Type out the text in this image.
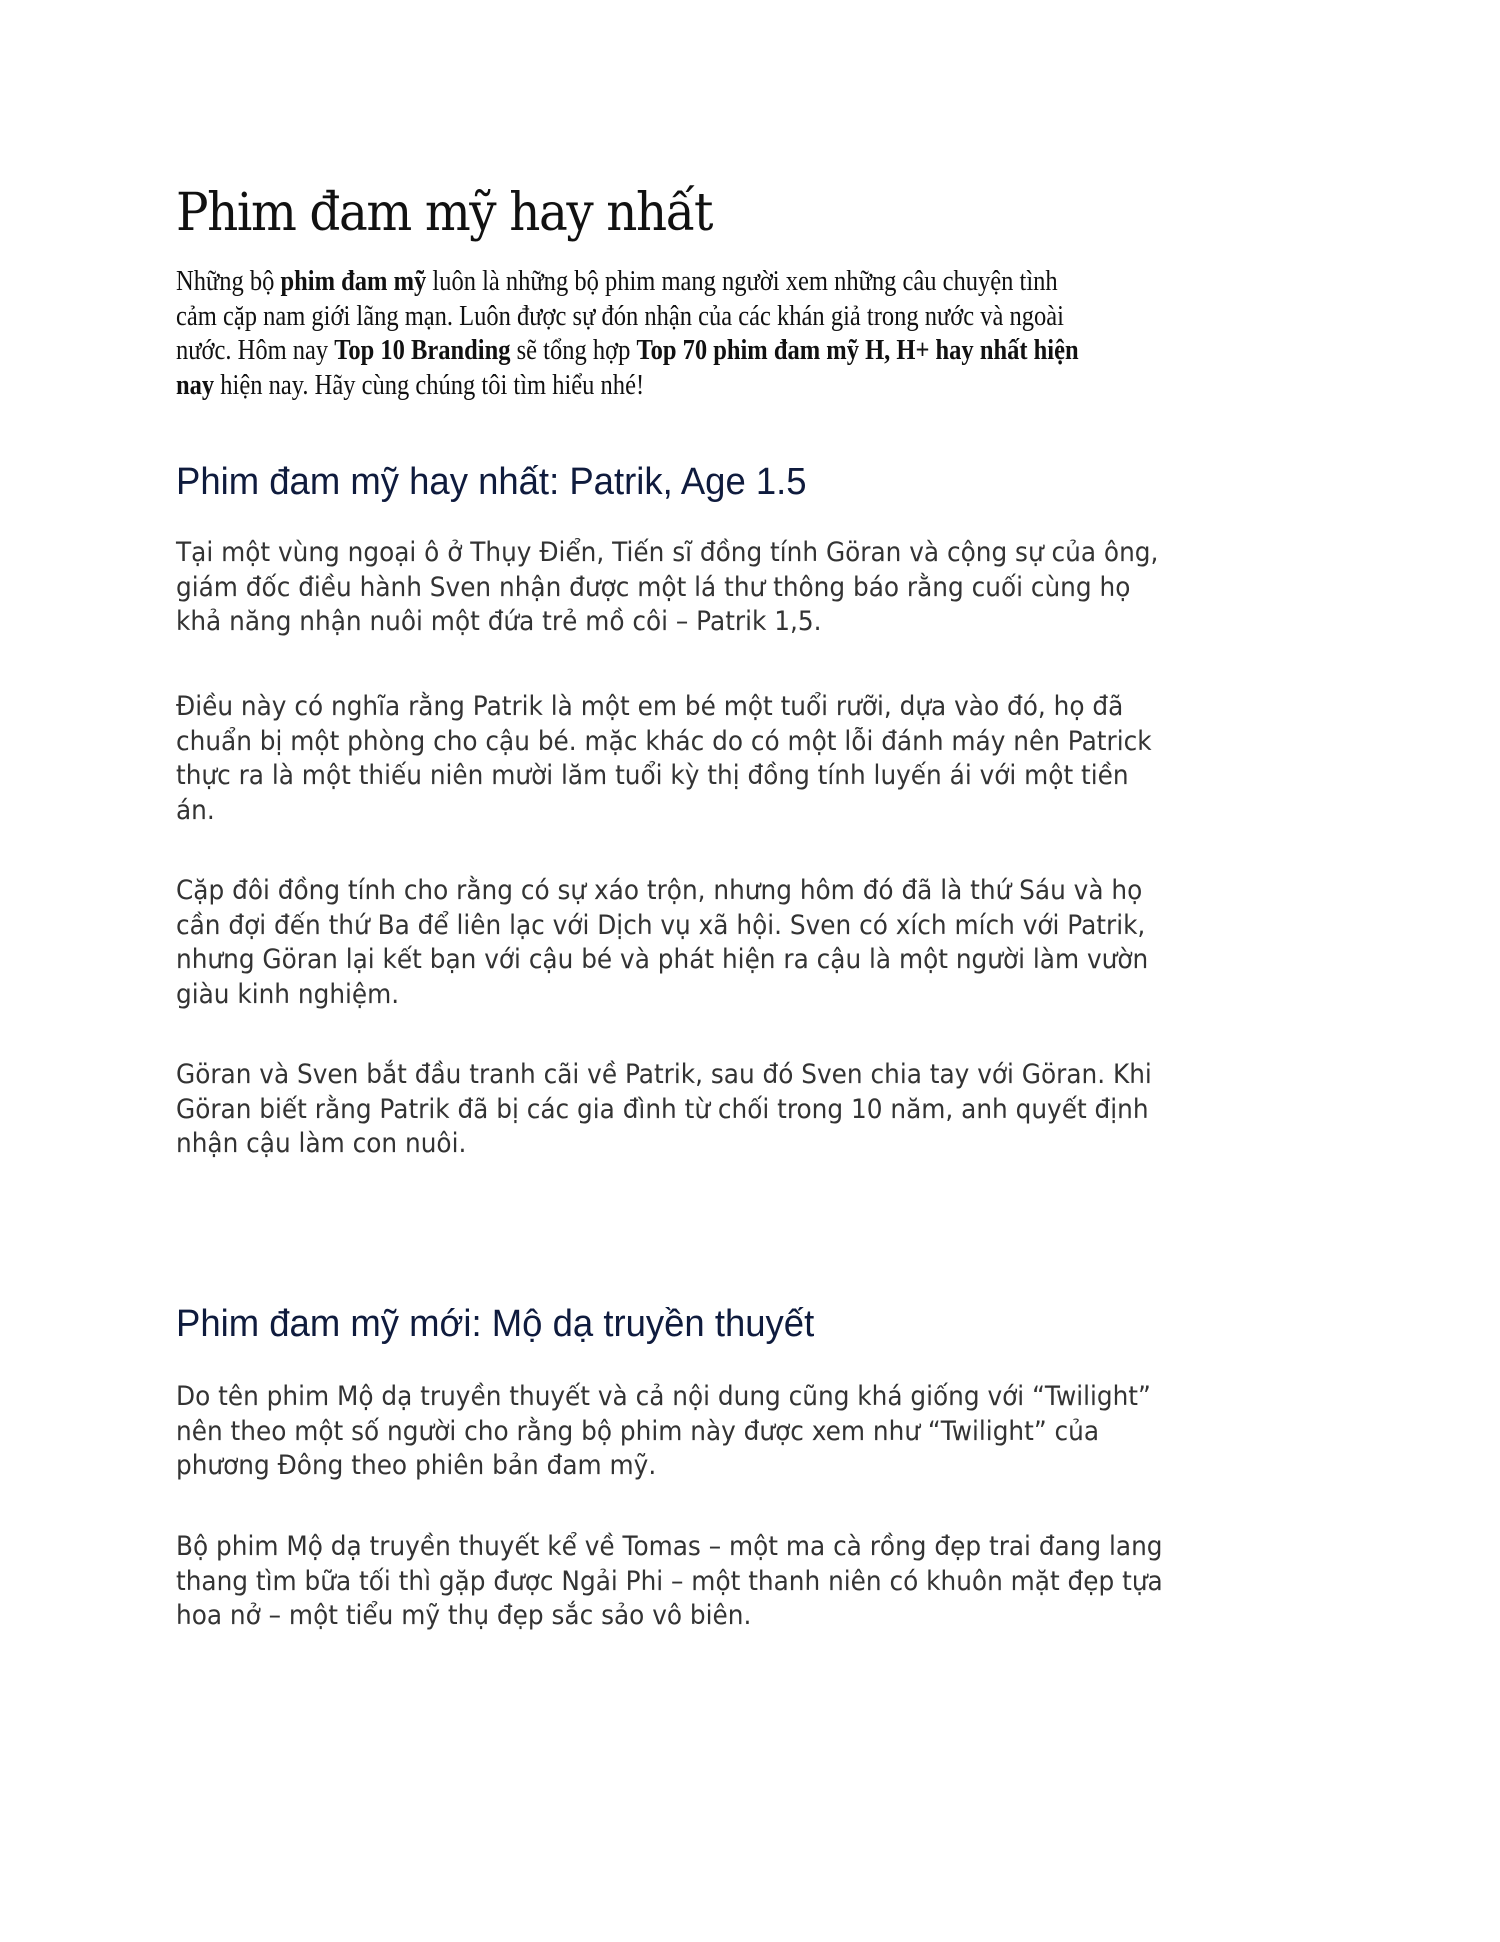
Phim đam mỹ hay nhất

Những bộ phim đam mỹ luôn là những bộ phim mang người xem những câu chuyện tình
cảm cặp nam giới lãng mạn. Luôn được sự đón nhận của các khán giả trong nước và ngoài
nước. Hôm nay Top 10 Branding sẽ tổng hợp Top 70 phim đam mỹ H, H+ hay nhất hiện
nay hiện nay. Hãy cùng chúng tôi tìm hiểu nhé!

Phim đam mỹ hay nhất: Patrik, Age 1.5

Tại một vùng ngoại ô ở Thụy Điển, Tiến sĩ đồng tính Göran và cộng sự của ông,
giám đốc điều hành Sven nhận được một lá thư thông báo rằng cuối cùng họ
khả năng nhận nuôi một đứa trẻ mồ côi – Patrik 1,5.

Điều này có nghĩa rằng Patrik là một em bé một tuổi rưỡi, dựa vào đó, họ đã
chuẩn bị một phòng cho cậu bé. mặc khác do có một lỗi đánh máy nên Patrick
thực ra là một thiếu niên mười lăm tuổi kỳ thị đồng tính luyến ái với một tiền
án.

Cặp đôi đồng tính cho rằng có sự xáo trộn, nhưng hôm đó đã là thứ Sáu và họ
cần đợi đến thứ Ba để liên lạc với Dịch vụ xã hội. Sven có xích mích với Patrik,
nhưng Göran lại kết bạn với cậu bé và phát hiện ra cậu là một người làm vườn
giàu kinh nghiệm.

Göran và Sven bắt đầu tranh cãi về Patrik, sau đó Sven chia tay với Göran. Khi
Göran biết rằng Patrik đã bị các gia đình từ chối trong 10 năm, anh quyết định
nhận cậu làm con nuôi.

Phim đam mỹ mới: Mộ dạ truyền thuyết

Do tên phim Mộ dạ truyền thuyết và cả nội dung cũng khá giống với “Twilight”
nên theo một số người cho rằng bộ phim này được xem như “Twilight” của
phương Đông theo phiên bản đam mỹ.

Bộ phim Mộ dạ truyền thuyết kể về Tomas – một ma cà rồng đẹp trai đang lang
thang tìm bữa tối thì gặp được Ngải Phi – một thanh niên có khuôn mặt đẹp tựa
hoa nở – một tiểu mỹ thụ đẹp sắc sảo vô biên.
